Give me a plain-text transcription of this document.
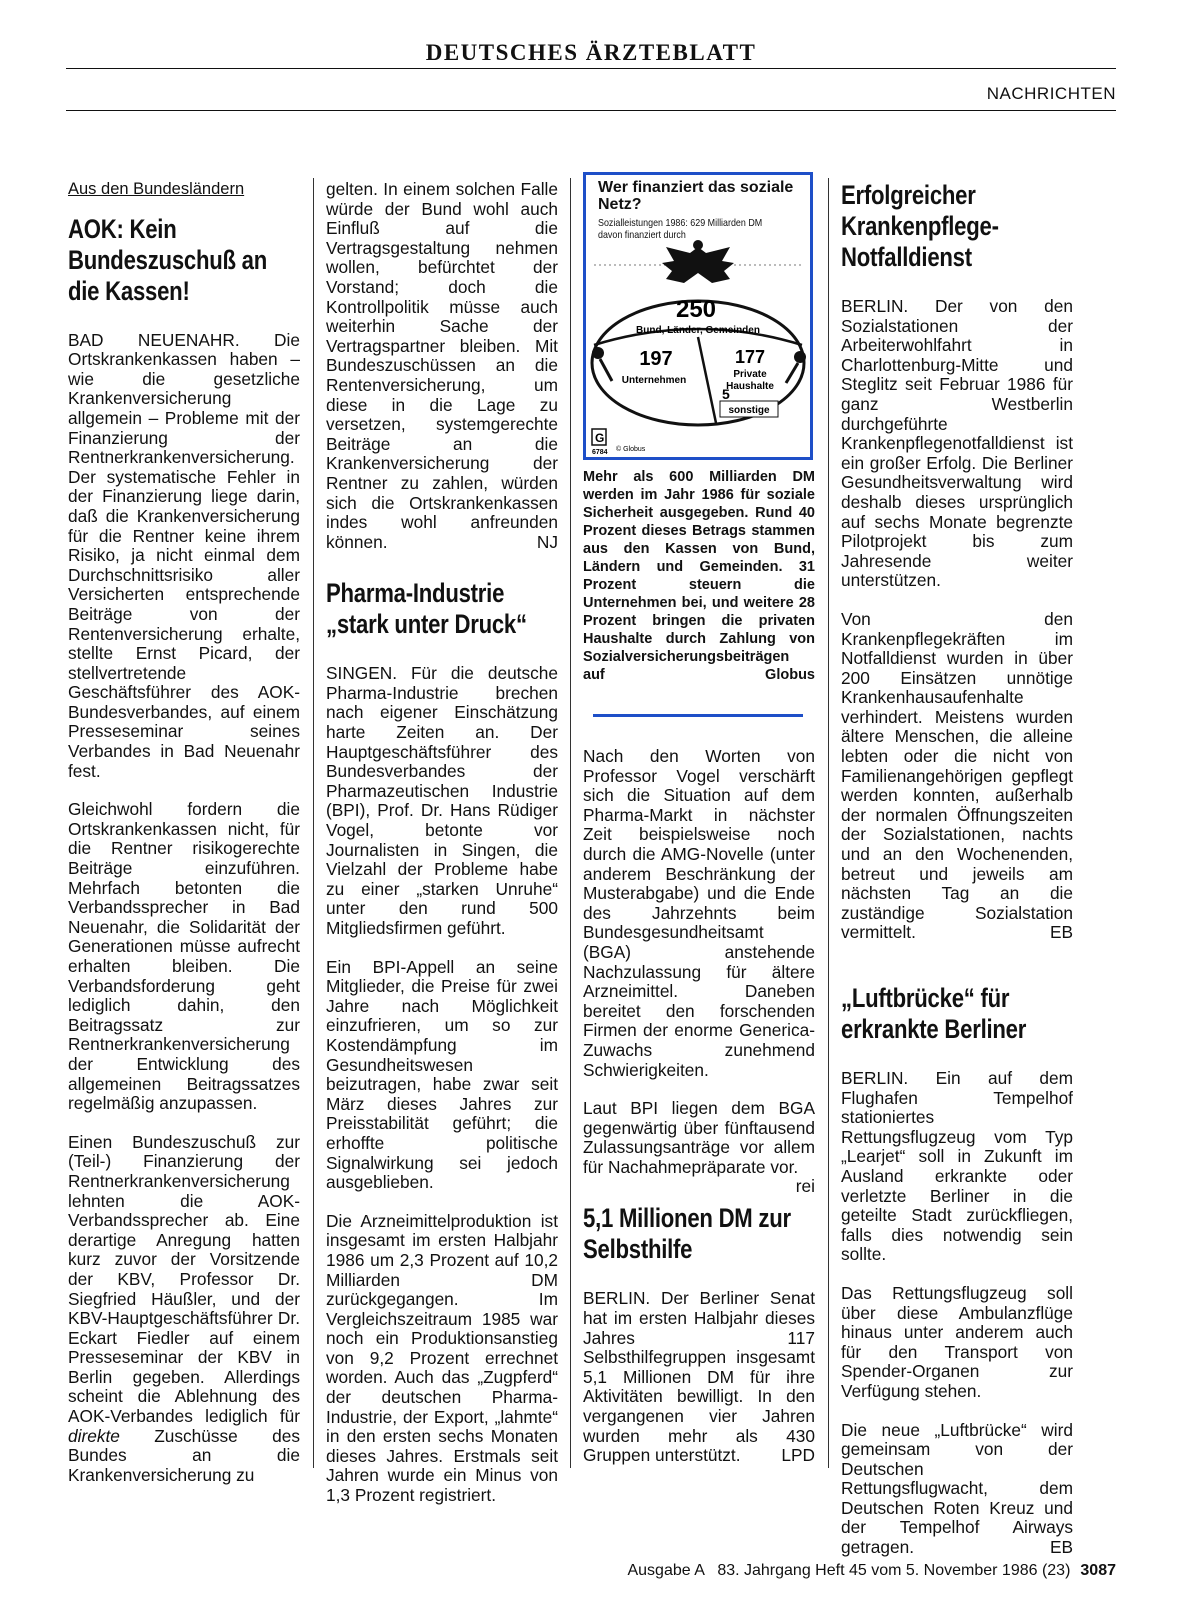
DEUTSCHES ÄRZTEBLATT
NACHRICHTEN
Aus den Bundesländern
AOK: Kein Bundeszuschuß an die Kassen!

BAD NEUENAHR. Die Ortskrankenkassen haben – wie die gesetzliche Krankenversicherung allgemein – Probleme mit der Finanzierung der Rentnerkrankenversicherung. Der systematische Fehler in der Finanzierung liege darin, daß die Krankenversicherung für die Rentner keine ihrem Risiko, ja nicht einmal dem Durchschnittsrisiko aller Versicherten entsprechende Beiträge von der Rentenversicherung erhalte, stellte Ernst Picard, der stellvertretende Geschäftsführer des AOK-Bundesverbandes, auf einem Presseseminar seines Verbandes in Bad Neuenahr fest.

Gleichwohl fordern die Ortskrankenkassen nicht, für die Rentner risikogerechte Beiträge einzuführen. Mehrfach betonten die Verbandssprecher in Bad Neuenahr, die Solidarität der Generationen müsse aufrecht erhalten bleiben. Die Verbandsforderung geht lediglich dahin, den Beitragssatz zur Rentnerkrankenversicherung der Entwicklung des allgemeinen Beitragssatzes regelmäßig anzupassen.

Einen Bundeszuschuß zur (Teil-) Finanzierung der Rentnerkrankenversicherung lehnten die AOK-Verbandssprecher ab. Eine derartige Anregung hatten kurz zuvor der Vorsitzende der KBV, Professor Dr. Siegfried Häußler, und der KBV-Hauptgeschäftsführer Dr. Eckart Fiedler auf einem Presseseminar der KBV in Berlin gegeben. Allerdings scheint die Ablehnung des AOK-Verbandes lediglich für direkte Zuschüsse des Bundes an die Krankenversicherung zu

gelten. In einem solchen Falle würde der Bund wohl auch Einfluß auf die Vertragsgestaltung nehmen wollen, befürchtet der Vorstand; doch die Kontrollpolitik müsse auch weiterhin Sache der Vertragspartner bleiben. Mit Bundeszuschüssen an die Rentenversicherung, um diese in die Lage zu versetzen, systemgerechte Beiträge an die Krankenversicherung der Rentner zu zahlen, würden sich die Ortskrankenkassen indes wohl anfreunden können.	NJ

Pharma-Industrie „stark unter Druck“

SINGEN. Für die deutsche Pharma-Industrie brechen nach eigener Einschätzung harte Zeiten an. Der Hauptgeschäftsführer des Bundesverbandes der Pharmazeutischen Industrie (BPI), Prof. Dr. Hans Rüdiger Vogel, betonte vor Journalisten in Singen, die Vielzahl der Probleme habe zu einer „starken Unruhe“ unter den rund 500 Mitgliedsfirmen geführt.

Ein BPI-Appell an seine Mitglieder, die Preise für zwei Jahre nach Möglichkeit einzufrieren, um so zur Kostendämpfung im Gesundheitswesen beizutragen, habe zwar seit März dieses Jahres zur Preisstabilität geführt; die erhoffte politische Signalwirkung sei jedoch ausgeblieben.

Die Arzneimittelproduktion ist insgesamt im ersten Halbjahr 1986 um 2,3 Prozent auf 10,2 Milliarden DM zurückgegangen. Im Vergleichszeitraum 1985 war noch ein Produktionsanstieg von 9,2 Prozent errechnet worden. Auch das „Zugpferd“ der deutschen Pharma-Industrie, der Export, „lahmte“ in den ersten sechs Monaten dieses Jahres. Erstmals seit Jahren wurde ein Minus von 1,3 Prozent registriert.

G
250
Bund, Länder, Gemeinden
197
Unternehmen
177
Private
Haushalte
5
sonstige
6784 © Globus
Wer finanziert das soziale Netz?
Sozialleistungen 1986: 629 Milliarden DM
davon finanziert durch
Mehr als 600 Milliarden DM werden im Jahr 1986 für soziale Sicherheit ausgegeben. Rund 40 Prozent dieses Betrags stammen aus den Kassen von Bund, Ländern und Gemeinden. 31 Prozent steuern die Unternehmen bei, und weitere 28 Prozent bringen die privaten Haushalte durch Zahlung von Sozialversicherungsbeiträgen auf	Globus

Nach den Worten von Professor Vogel verschärft sich die Situation auf dem Pharma-Markt in nächster Zeit beispielsweise noch durch die AMG-Novelle (unter anderem Beschränkung der Musterabgabe) und die Ende des Jahrzehnts beim Bundesgesundheitsamt (BGA) anstehende Nachzulassung für ältere Arzneimittel. Daneben bereitet den forschenden Firmen der enorme Generica-Zuwachs zunehmend Schwierigkeiten.

Laut BPI liegen dem BGA gegenwärtig über fünftausend Zulassungsanträge vor allem für Nachahmepräparate vor.
rei

5,1 Millionen DM zur Selbsthilfe

BERLIN. Der Berliner Senat hat im ersten Halbjahr dieses Jahres 117 Selbsthilfegruppen insgesamt 5,1 Millionen DM für ihre Aktivitäten bewilligt. In den vergangenen vier Jahren wurden mehr als 430 Gruppen unterstützt. LPD

Erfolgreicher Krankenpflege-Notfalldienst

BERLIN. Der von den Sozialstationen der Arbeiterwohlfahrt in Charlottenburg-Mitte und Steglitz seit Februar 1986 für ganz Westberlin durchgeführte Krankenpflegenotfalldienst ist ein großer Erfolg. Die Berliner Gesundheitsverwaltung wird deshalb dieses ursprünglich auf sechs Monate begrenzte Pilotprojekt bis zum Jahresende weiter unterstützen.

Von den Krankenpflegekräften im Notfalldienst wurden in über 200 Einsätzen unnötige Krankenhausaufenhalte verhindert. Meistens wurden ältere Menschen, die alleine lebten oder die nicht von Familienangehörigen gepflegt werden konnten, außerhalb der normalen Öffnungszeiten der Sozialstationen, nachts und an den Wochenenden, betreut und jeweils am nächsten Tag an die zuständige Sozialstation vermittelt.	EB

„Luftbrücke“ für erkrankte Berliner

BERLIN. Ein auf dem Flughafen Tempelhof stationiertes Rettungsflugzeug vom Typ „Learjet“ soll in Zukunft im Ausland erkrankte oder verletzte Berliner in die geteilte Stadt zurückfliegen, falls dies notwendig sein sollte.

Das Rettungsflugzeug soll über diese Ambulanzflüge hinaus unter anderem auch für den Transport von Spender-Organen zur Verfügung stehen.

Die neue „Luftbrücke“ wird gemeinsam von der Deutschen Rettungsflugwacht, dem Deutschen Roten Kreuz und der Tempelhof Airways getragen.	EB

Ausgabe A   83. Jahrgang Heft 45 vom 5. November 1986 (23) 3087
